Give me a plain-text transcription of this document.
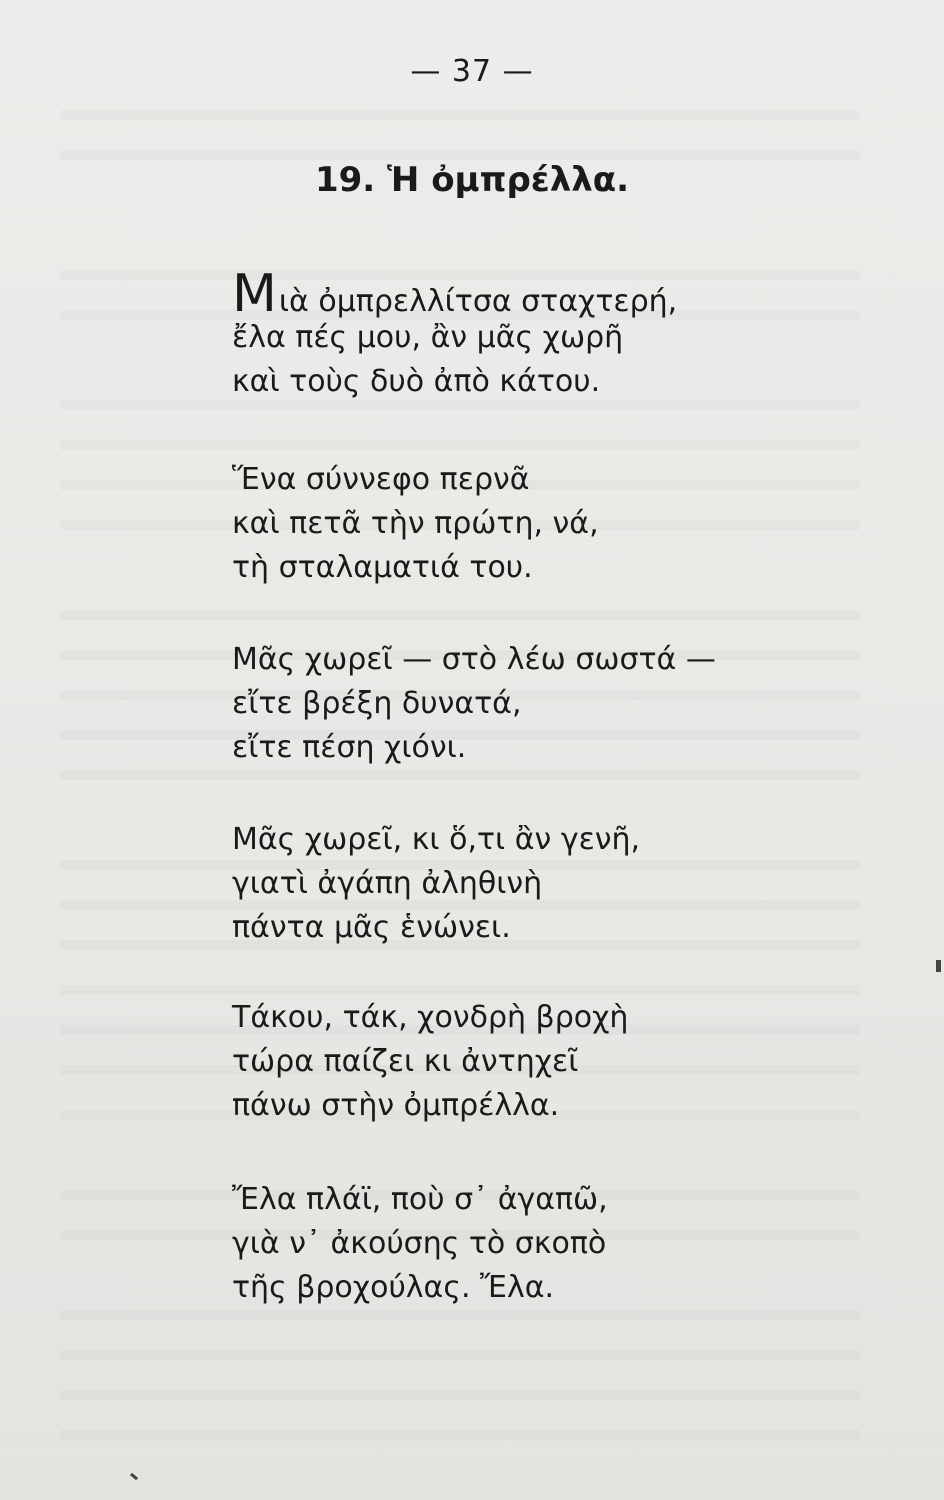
— 37 —
19. Ἡ ὀμπρέλλα.
Μιὰ ὀμπρελλίτσα σταχτερή,
ἔλα πές μου, ἂν μᾶς χωρῆ
καὶ τοὺς δυὸ ἀπὸ κάτου.
Ἕνα σύννεφο περνᾶ
καὶ πετᾶ τὴν πρώτη, νά,
τὴ σταλαματιά του.
Μᾶς χωρεῖ — στὸ λέω σωστά —
εἴτε βρέξη δυνατά,
εἴτε πέση χιόνι.
Μᾶς χωρεῖ, κι ὅ,τι ἂν γενῆ,
γιατὶ ἀγάπη ἀληθινὴ
πάντα μᾶς ἑνώνει.
Τάκου, τάκ, χονδρὴ βροχὴ
τώρα παίζει κι ἀντηχεῖ
πάνω στὴν ὀμπρέλλα.
Ἔλα πλάϊ, ποὺ σ᾽ ἀγαπῶ,
γιὰ ν᾽ ἀκούσης τὸ σκοπὸ
τῆς βροχούλας. Ἔλα.
